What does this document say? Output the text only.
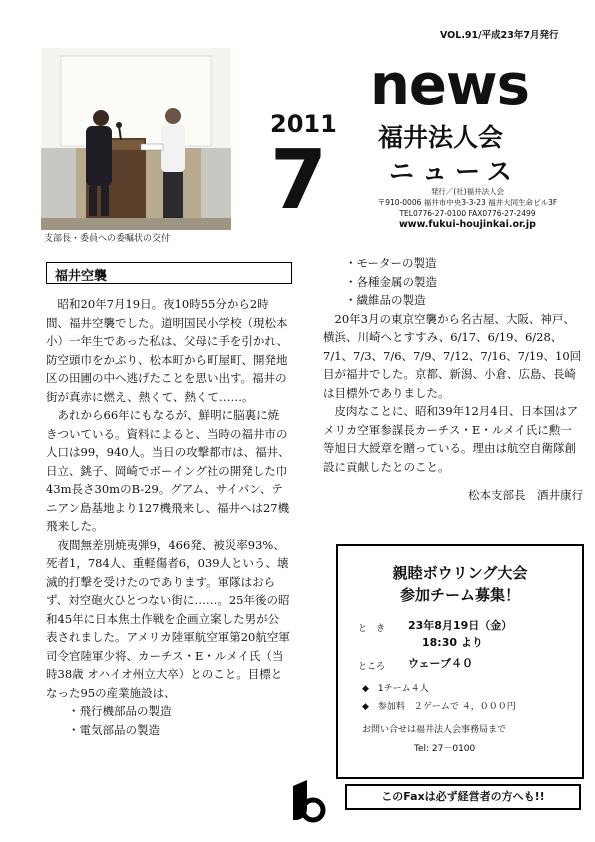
VOL.91/平成23年7月発行
支部長・委員への委嘱状の交付
2011
7
news
福井法人会
ニュース
発行／(社)福井法人会
〒910-0006 福井市中央3-3-23 福井大同生命ビル3F
TEL0776-27-0100 FAX0776-27-2499
www.fukui-houjinkai.or.jp
福井空襲

昭和20年7月19日。夜10時55分から2時間、福井空襲でした。道明国民小学校（現松本小）一年生であった私は、父母に手を引かれ、防空頭巾をかぶり、松本町から町屋町、開発地区の田圃の中へ逃げたことを思い出す。福井の街が真赤に燃え、熱くて、熱くて……。

あれから66年にもなるが、鮮明に脳裏に焼きついている。資料によると、当時の福井市の人口は99，940人。当日の攻撃都市は、福井、日立、銚子、岡崎でボーイング社の開発した巾43m長さ30mのB-29。グアム、サイパン、テニアン島基地より127機飛来し、福井へは27機飛来した。

夜間無差別焼夷弾9，466発、被災率93%、死者1，784人、重軽傷者6，039人という、壊滅的打撃を受けたのであります。軍隊はおらず、対空砲火ひとつない街に……。25年後の昭和45年に日本焦土作戦を企画立案した男が公表されました。アメリカ陸軍航空軍第20航空軍司令官陸軍少将、カーチス・E・ルメイ氏（当時38歳 オハイオ州立大卒）とのこと。目標となった95の産業施設は、

・飛行機部品の製造

・電気部品の製造

・モーターの製造

・各種金属の製造

・繊維品の製造

20年3月の東京空襲から名古屋、大阪、神戸、横浜、川崎へとすすみ、6/17、6/19、6/28、7/1、7/3、7/6、7/9、7/12、7/16、7/19、10回目が福井でした。京都、新潟、小倉、広島、長崎は目標外でありました。

皮肉なことに、昭和39年12月4日、日本国はアメリカ空軍参謀長カーチス・E・ルメイ氏に勲一等旭日大綬章を贈っている。理由は航空自衛隊創設に貢献したとのこと。

松本支部長　酒井康行

親睦ボウリング大会
参加チーム募集！
と　き 23年8月19日（金）
18:30 より
ところ ウェーブ４０
◆　1チーム４人
◆　参加料　２ゲームで ４，０００円
お問い合せは福井法人会事務局まで
Tel: 27－0100
このFaxは必ず経営者の方へも!!
